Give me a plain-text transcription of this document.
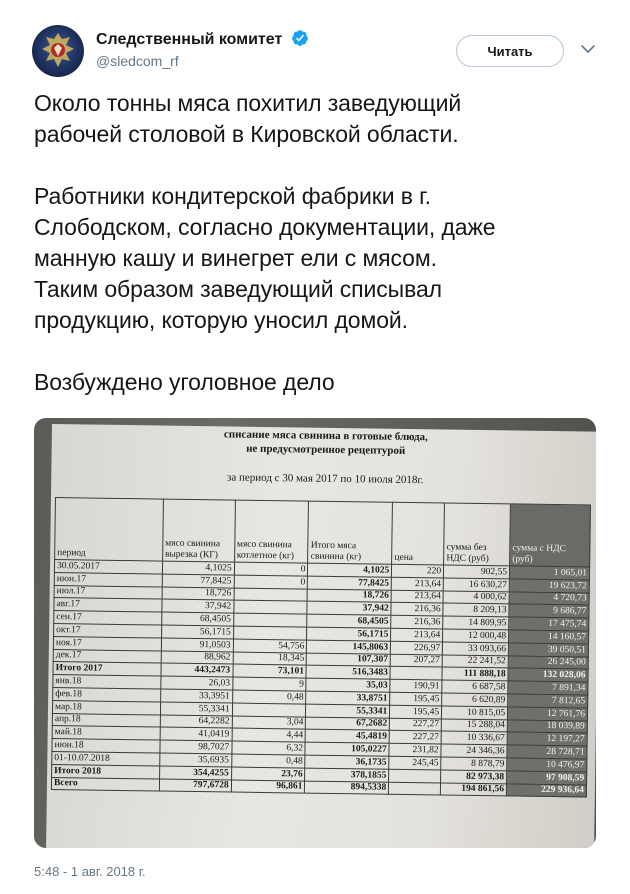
Следственный комитет
@sledcom_rf
Читать

Около тонны мяса похитил заведующий

рабочей столовой в Кировской области.

Работники кондитерской фабрики в г.

Слободском, согласно документации, даже

манную кашу и винегрет ели с мясом.

Таким образом заведующий списывал

продукцию, которую уносил домой.

Возбуждено уголовное дело

списание мяса свинина в готовые блюда,
не предусмотренное рецептурой
за период с 30 мая 2017 по 10 июля 2018г.
период	мясо свинина вырезка (КГ)	мясо свинина котлетное (кг)	Итого мяса свинина (кг)	цена	сумма без НДС (руб)	сумма с НДС (руб)
30.05.2017	4,1025	0	4,1025	220	902,55	1 065,01
июн.17	77,8425	0	77,8425	213,64	16 630,27	19 623,72
июл.17	18,726		18,726	213,64	4 000,62	4 720,73
авг.17	37,942		37,942	216,36	8 209,13	9 686,77
сен.17	68,4505		68,4505	216,36	14 809,95	17 475,74
окт.17	56,1715		56,1715	213,64	12 000,48	14 160,57
ноя.17	91,0503	54,756	145,8063	226,97	33 093,66	39 050,51
дек.17	88,962	18,345	107,307	207,27	22 241,52	26 245,00
Итого 2017	443,2473	73,101	516,3483		111 888,18	132 028,06
янв.18	26,03	9	35,03	190,91	6 687,58	7 891,34
фев.18	33,3951	0,48	33,8751	195,45	6 620,89	7 812,65
мар.18	55,3341		55,3341	195,45	10 815,05	12 761,76
апр.18	64,2282	3,04	67,2682	227,27	15 288,04	18 039,89
май.18	41,0419	4,44	45,4819	227,27	10 336,67	12 197,27
июн.18	98,7027	6,32	105,0227	231,82	24 346,36	28 728,71
01-10.07.2018	35,6935	0,48	36,1735	245,45	8 878,79	10 476,97
Итого 2018	354,4255	23,76	378,1855		82 973,38	97 908,59
Всего	797,6728	96,861	894,5338		194 861,56	229 936,64
5:48 - 1 авг. 2018 г.
